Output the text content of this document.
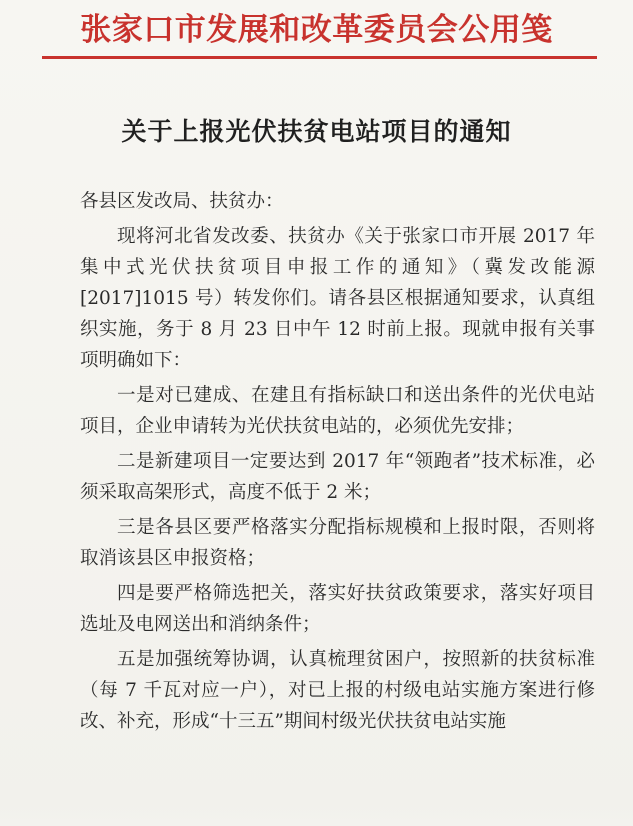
张家口市发展和改革委员会公用笺
关于上报光伏扶贫电站项目的通知

各县区发改局、扶贫办：

现将河北省发改委、扶贫办《关于张家口市开展 2017 年集中式光伏扶贫项目申报工作的通知》（冀发改能源[2017]1015 号）转发你们。请各县区根据通知要求，认真组织实施，务于 8 月 23 日中午 12 时前上报。现就申报有关事项明确如下：

一是对已建成、在建且有指标缺口和送出条件的光伏电站项目，企业申请转为光伏扶贫电站的，必须优先安排；

二是新建项目一定要达到 2017 年“领跑者”技术标准，必须采取高架形式，高度不低于 2 米；

三是各县区要严格落实分配指标规模和上报时限，否则将取消该县区申报资格；

四是要严格筛选把关，落实好扶贫政策要求，落实好项目选址及电网送出和消纳条件；

五是加强统筹协调，认真梳理贫困户，按照新的扶贫标准（每 7 千瓦对应一户），对已上报的村级电站实施方案进行修改、补充，形成“十三五”期间村级光伏扶贫电站实施
